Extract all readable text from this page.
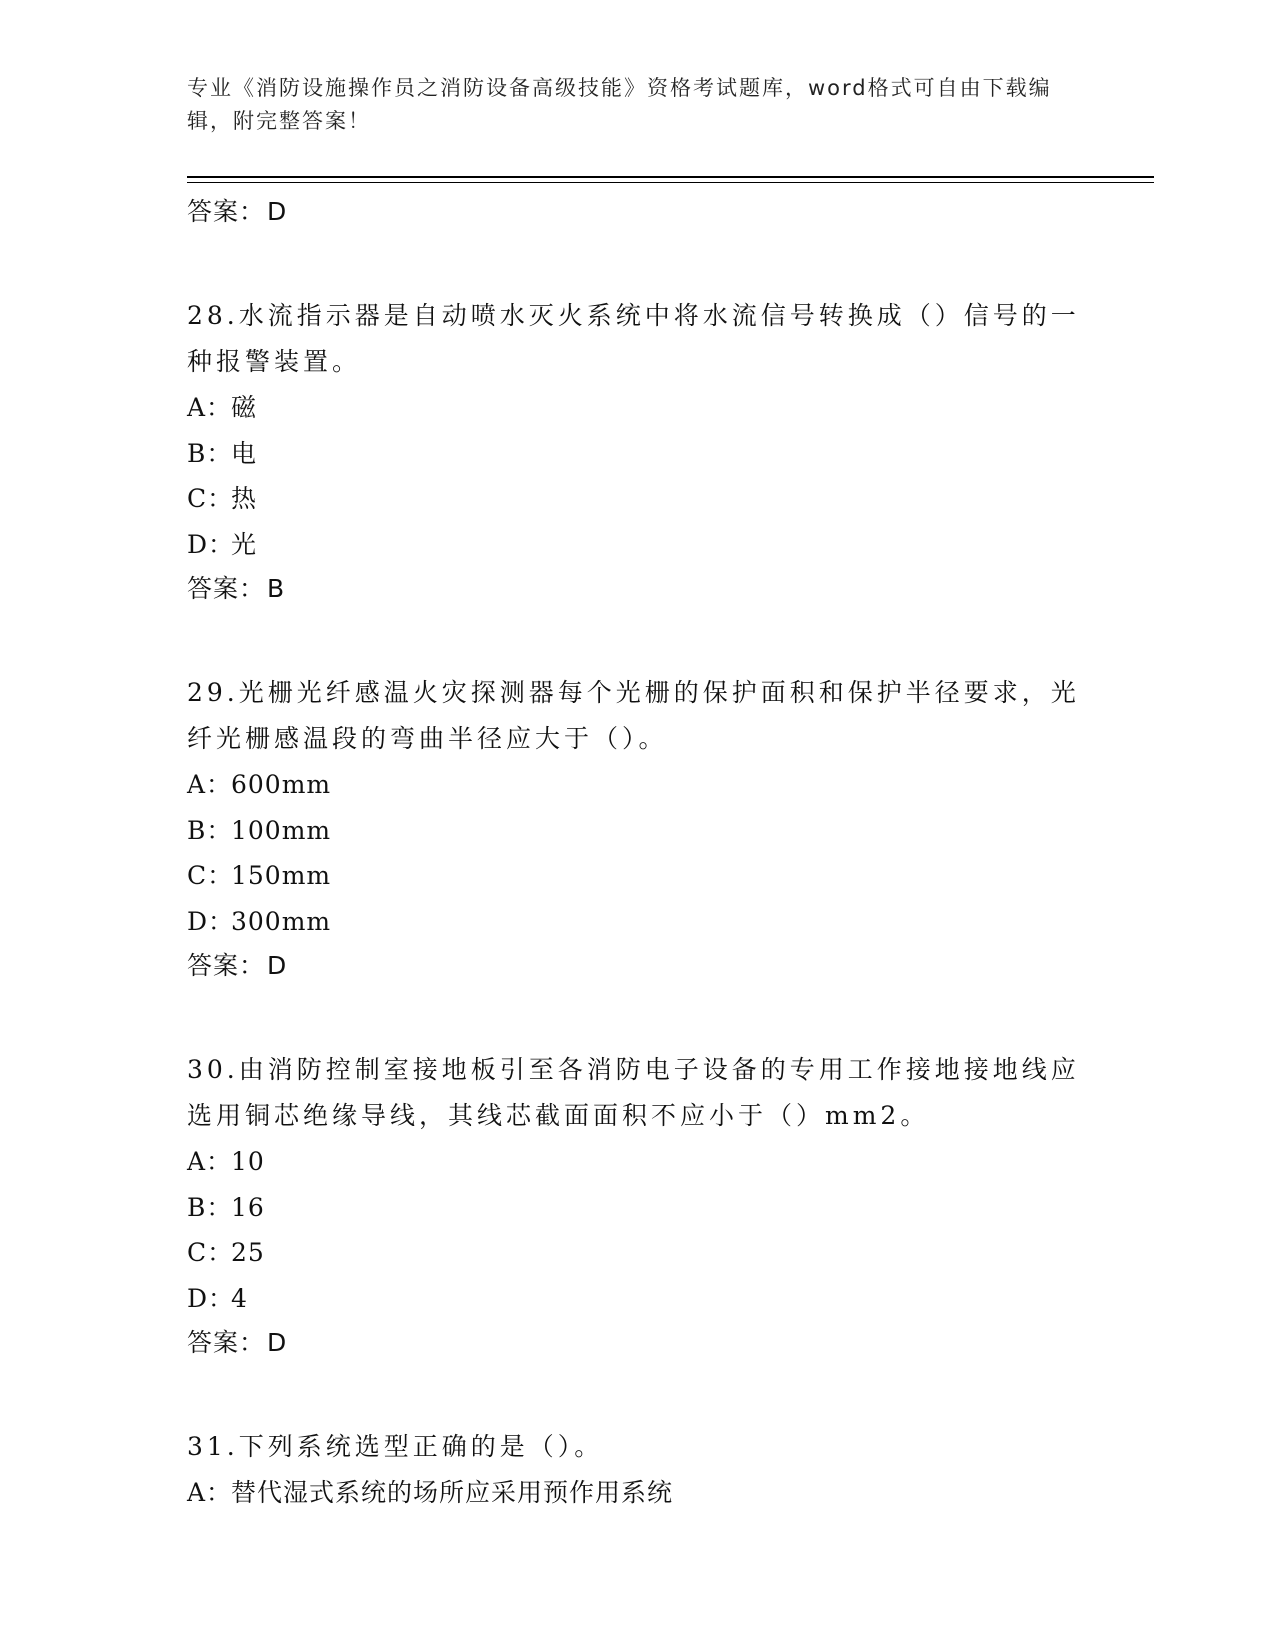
专业《消防设施操作员之消防设备高级技能》资格考试题库，word格式可自由下载编辑，附完整答案！
答案：D

28.水流指示器是自动喷水灭火系统中将水流信号转换成（）信号的一种报警装置。

A：磁
B：电
C：热
D：光
答案：B

29.光栅光纤感温火灾探测器每个光栅的保护面积和保护半径要求，光纤光栅感温段的弯曲半径应大于（）。

A：600mm
B：100mm
C：150mm
D：300mm
答案：D

30.由消防控制室接地板引至各消防电子设备的专用工作接地接地线应选用铜芯绝缘导线，其线芯截面面积不应小于（）mm2。

A：10
B：16
C：25
D：4
答案：D

31.下列系统选型正确的是（）。

A：替代湿式系统的场所应采用预作用系统
